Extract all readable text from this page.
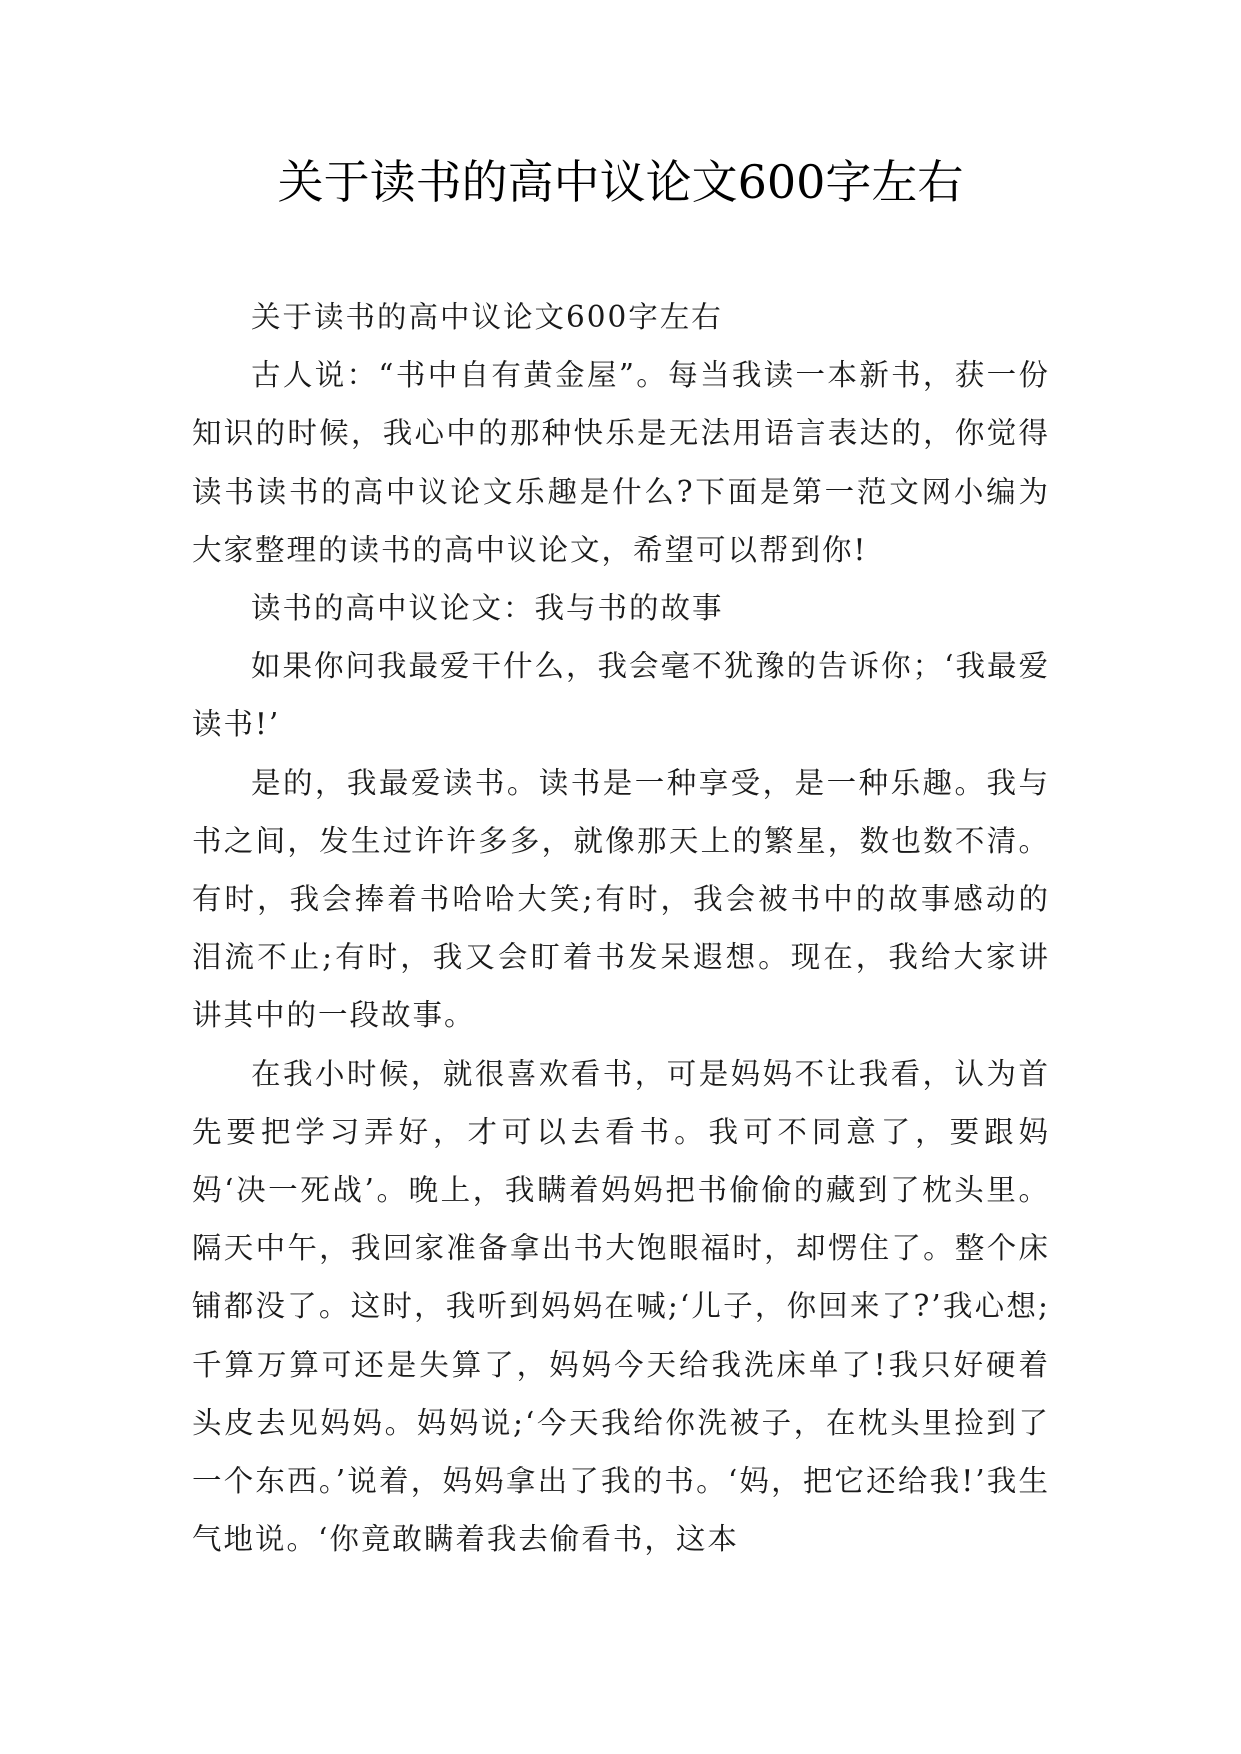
关于读书的高中议论文600字左右

关于读书的高中议论文600字左右

古人说：“书中自有黄金屋”。每当我读一本新书，获一份知识的时候，我心中的那种快乐是无法用语言表达的，你觉得读书读书的高中议论文乐趣是什么?下面是第一范文网小编为大家整理的读书的高中议论文，希望可以帮到你!

读书的高中议论文：我与书的故事

如果你问我最爱干什么，我会毫不犹豫的告诉你；‘我最爱读书!’

是的，我最爱读书。读书是一种享受，是一种乐趣。我与书之间，发生过许许多多，就像那天上的繁星，数也数不清。有时，我会捧着书哈哈大笑;有时，我会被书中的故事感动的泪流不止;有时，我又会盯着书发呆遐想。现在，我给大家讲讲其中的一段故事。

在我小时候，就很喜欢看书，可是妈妈不让我看，认为首先要把学习弄好，才可以去看书。我可不同意了，要跟妈妈‘决一死战’。晚上，我瞒着妈妈把书偷偷的藏到了枕头里。隔天中午，我回家准备拿出书大饱眼福时，却愣住了。整个床铺都没了。这时，我听到妈妈在喊;‘儿子，你回来了?’我心想;千算万算可还是失算了，妈妈今天给我洗床单了!我只好硬着头皮去见妈妈。妈妈说;‘今天我给你洗被子，在枕头里捡到了一个东西。’说着，妈妈拿出了我的书。‘妈，把它还给我!’我生气地说。‘你竟敢瞒着我去偷看书，这本
